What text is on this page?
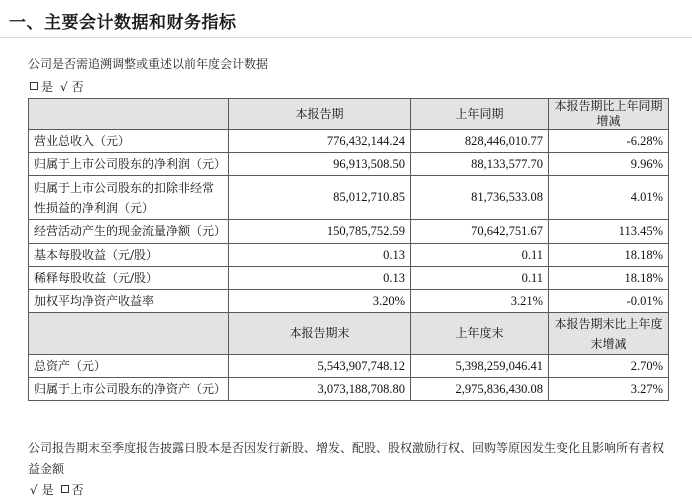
一、主要会计数据和财务指标
公司是否需追溯调整或重述以前年度会计数据
是 √ 否
	本报告期	上年同期	本报告期比上年同期增减
营业总收入（元）	776,432,144.24	828,446,010.77	-6.28%
归属于上市公司股东的净利润（元）	96,913,508.50	88,133,577.70	9.96%
归属于上市公司股东的扣除非经常性损益的净利润（元）	85,012,710.85	81,736,533.08	4.01%
经营活动产生的现金流量净额（元）	150,785,752.59	70,642,751.67	113.45%
基本每股收益（元/股）	0.13	0.11	18.18%
稀释每股收益（元/股）	0.13	0.11	18.18%
加权平均净资产收益率	3.20%	3.21%	-0.01%
	本报告期末	上年度末	本报告期末比上年度末增减
总资产（元）	5,543,907,748.12	5,398,259,046.41	2.70%
归属于上市公司股东的净资产（元）	3,073,188,708.80	2,975,836,430.08	3.27%
公司报告期末至季度报告披露日股本是否因发行新股、增发、配股、股权激励行权、回购等原因发生变化且影响所有者权益金额
√ 是 否
